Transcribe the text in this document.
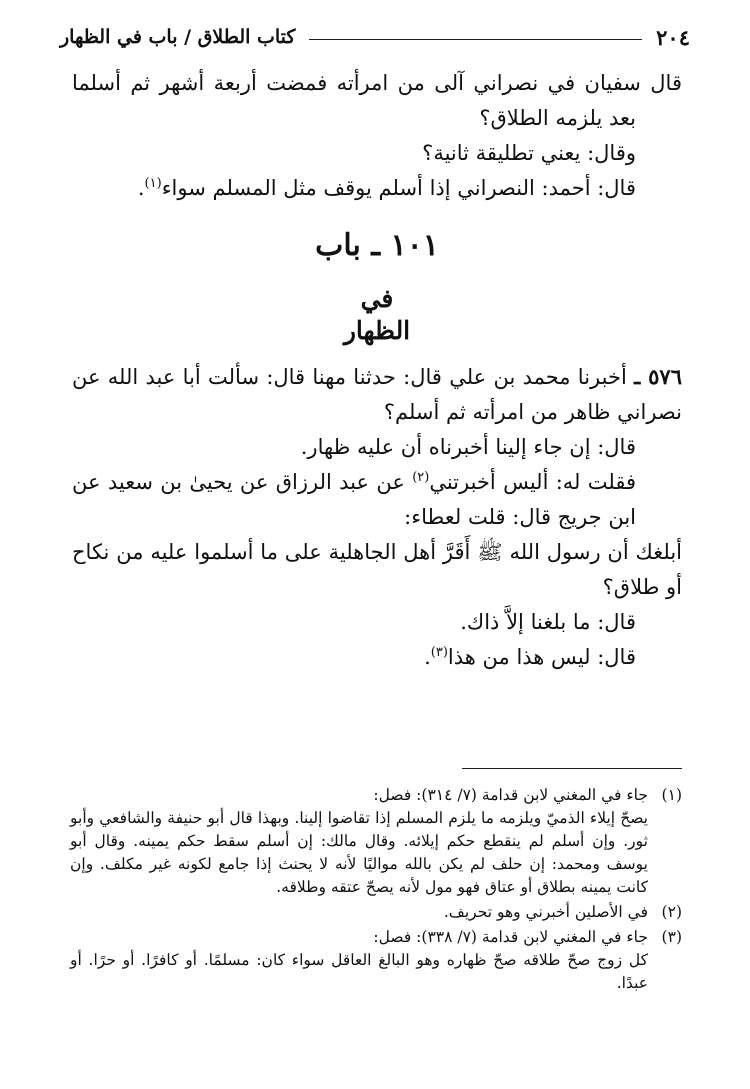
٢٠٤
كتاب الطلاق / باب في الظهار

قال سفيان في نصراني آلى من امرأته فمضت أربعة أشهر ثم أسلما بعد يلزمه الطلاق؟

وقال: يعني تطليقة ثانية؟

قال: أحمد: النصراني إذا أسلم يوقف مثل المسلم سواء$^{(١)}$.

١٠١ ـ باب
في
الظهار

٥٧٦ ـ أخبرنا محمد بن علي قال: حدثنا مهنا قال: سألت أبا عبد الله عن نصراني ظاهر من امرأته ثم أسلم؟

قال: إن جاء إلينا أخبرناه أن عليه ظهار.

فقلت له: أليس أخبرتني$^{(٢)}$ عن عبد الرزاق عن يحيىٰ بن سعيد عن ابن جريج قال: قلت لعطاء:

أبلغك أن رسول الله ﷺ أَقَرَّ أهل الجاهلية على ما أسلموا عليه من نكاح أو طلاق؟

قال: ما بلغنا إلاَّ ذاك.

قال: ليس هذا من هذا$^{(٣)}$.

(١)جاء في المغني لابن قدامة (٧/ ٣١٤): فصل:

يصحّ إيلاء الذميّ ويلزمه ما يلزم المسلم إذا تقاضوا إلينا. وبهذا قال أبو حنيفة والشافعي وأبو ثور. وإن أسلم لم ينقطع حكم إيلائه. وقال مالك: إن أسلم سقط حكم يمينه. وقال أبو يوسف ومحمد: إن حلف لم يكن بالله مواليًا لأنه لا يحنث إذا جامع لكونه غير مكلف. وإن كانت يمينه بطلاق أو عتاق فهو مول لأنه يصحّ عتقه وطلاقه.

(٢)في الأصلين أخبرني وهو تحريف.
(٣)جاء في المغني لابن قدامة (٧/ ٣٣٨): فصل:

كل زوج صحّ طلاقه صحّ ظهاره وهو البالغ العاقل سواء كان: مسلمًا. أو كافرًا. أو حرًا. أو عبدًا.
